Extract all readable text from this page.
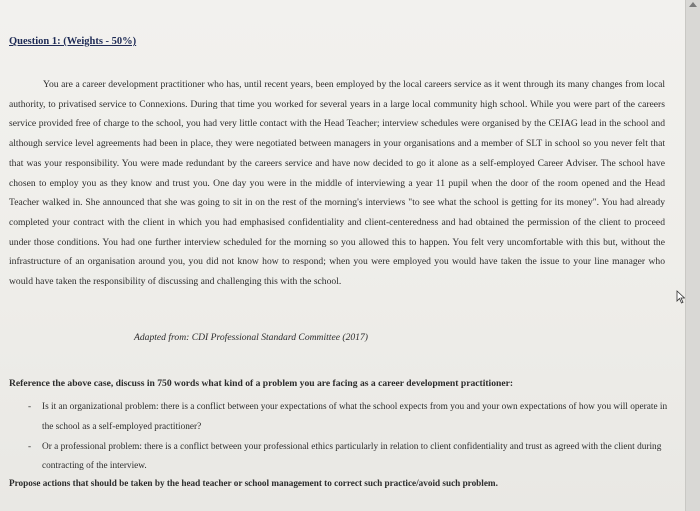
Question 1: (Weights - 50%)

You are a career development practitioner who has, until recent years, been employed by the local careers service as it went through its many changes from local authority, to privatised service to Connexions. During that time you worked for several years in a large local community high school. While you were part of the careers service provided free of charge to the school, you had very little contact with the Head Teacher; interview schedules were organised by the CEIAG lead in the school and although service level agreements had been in place, they were negotiated between managers in your organisations and a member of SLT in school so you never felt that that was your responsibility. You were made redundant by the careers service and have now decided to go it alone as a self-employed Career Adviser. The school have chosen to employ you as they know and trust you. One day you were in the middle of interviewing a year 11 pupil when the door of the room opened and the Head Teacher walked in. She announced that she was going to sit in on the rest of the morning's interviews "to see what the school is getting for its money". You had already completed your contract with the client in which you had emphasised confidentiality and client-centeredness and had obtained the permission of the client to proceed under those conditions. You had one further interview scheduled for the morning so you allowed this to happen. You felt very uncomfortable with this but, without the infrastructure of an organisation around you, you did not know how to respond; when you were employed you would have taken the issue to your line manager who would have taken the responsibility of discussing and challenging this with the school.

Adapted from: CDI Professional Standard Committee (2017)
Reference the above case, discuss in 750 words what kind of a problem you are facing as a career development practitioner:
- Is it an organizational problem: there is a conflict between your expectations of what the school expects from you and your own expectations of how you will operate in the school as a self-employed practitioner?
- Or a professional problem: there is a conflict between your professional ethics particularly in relation to client confidentiality and trust as agreed with the client during contracting of the interview.
Propose actions that should be taken by the head teacher or school management to correct such practice/avoid such problem.
